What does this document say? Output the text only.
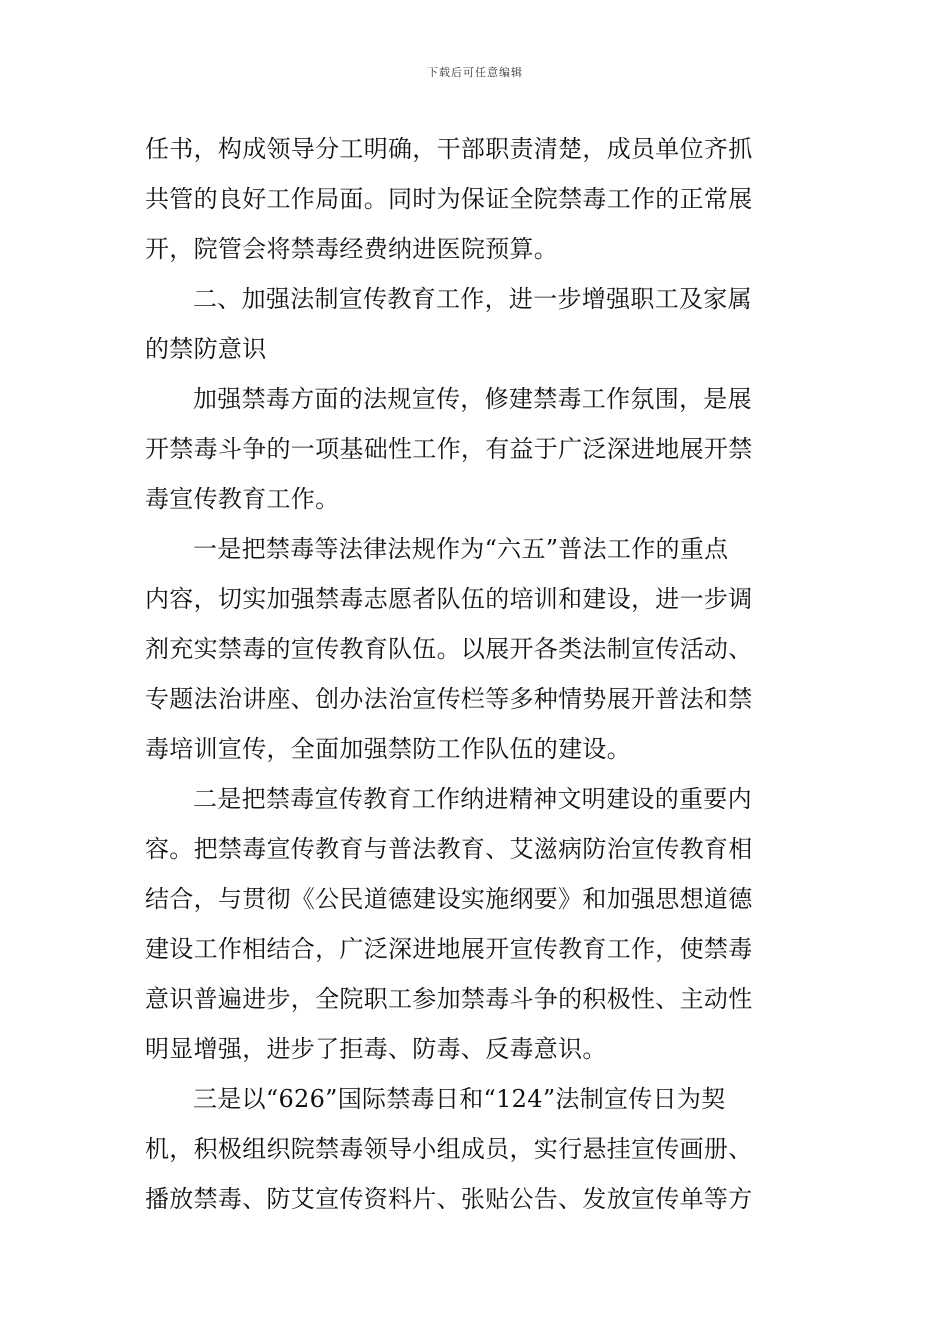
下载后可任意编辑
任书，构成领导分工明确，干部职责清楚，成员单位齐抓
共管的良好工作局面。同时为保证全院禁毒工作的正常展
开，院管会将禁毒经费纳进医院预算。
二、加强法制宣传教育工作，进一步增强职工及家属
的禁防意识
加强禁毒方面的法规宣传，修建禁毒工作氛围，是展
开禁毒斗争的一项基础性工作，有益于广泛深进地展开禁
毒宣传教育工作。
一是把禁毒等法律法规作为“六五”普法工作的重点
内容，切实加强禁毒志愿者队伍的培训和建设，进一步调
剂充实禁毒的宣传教育队伍。以展开各类法制宣传活动、
专题法治讲座、创办法治宣传栏等多种情势展开普法和禁
毒培训宣传，全面加强禁防工作队伍的建设。
二是把禁毒宣传教育工作纳进精神文明建设的重要内
容。把禁毒宣传教育与普法教育、艾滋病防治宣传教育相
结合，与贯彻《公民道德建设实施纲要》和加强思想道德
建设工作相结合，广泛深进地展开宣传教育工作，使禁毒
意识普遍进步，全院职工参加禁毒斗争的积极性、主动性
明显增强，进步了拒毒、防毒、反毒意识。
三是以“626”国际禁毒日和“124”法制宣传日为契
机，积极组织院禁毒领导小组成员，实行悬挂宣传画册、
播放禁毒、防艾宣传资料片、张贴公告、发放宣传单等方
